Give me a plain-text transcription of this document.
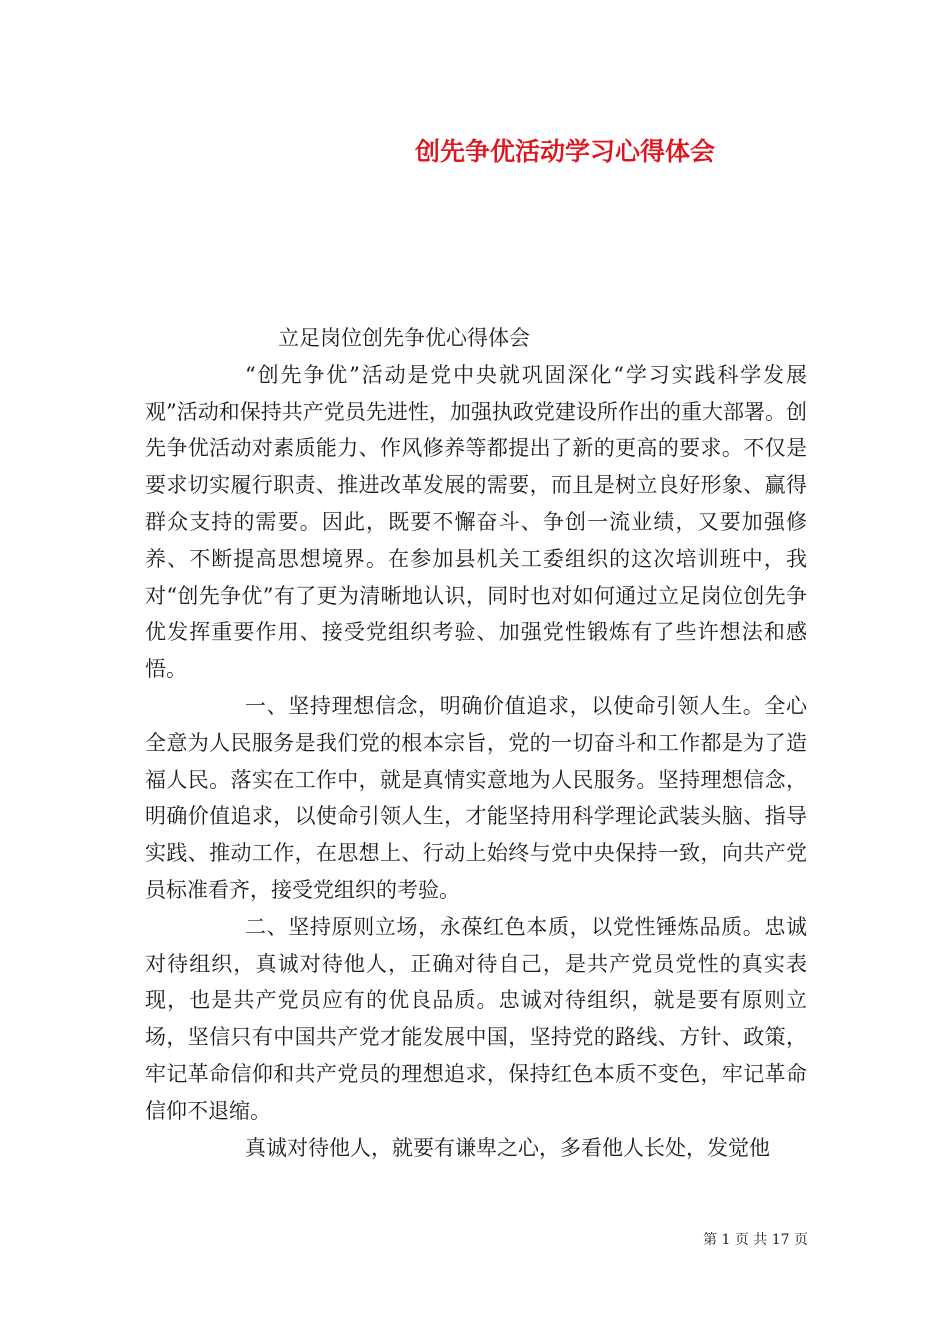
创先争优活动学习心得体会

立足岗位创先争优心得体会

“创先争优”活动是党中央就巩固深化“学习实践科学发展观”活动和保持共产党员先进性，加强执政党建设所作出的重大部署。创先争优活动对素质能力、作风修养等都提出了新的更高的要求。不仅是要求切实履行职责、推进改革发展的需要，而且是树立良好形象、赢得群众支持的需要。因此，既要不懈奋斗、争创一流业绩，又要加强修养、不断提高思想境界。在参加县机关工委组织的这次培训班中，我对“创先争优”有了更为清晰地认识，同时也对如何通过立足岗位创先争优发挥重要作用、接受党组织考验、加强党性锻炼有了些许想法和感悟。

一、坚持理想信念，明确价值追求，以使命引领人生。全心全意为人民服务是我们党的根本宗旨，党的一切奋斗和工作都是为了造福人民。落实在工作中，就是真情实意地为人民服务。坚持理想信念，明确价值追求，以使命引领人生，才能坚持用科学理论武装头脑、指导实践、推动工作，在思想上、行动上始终与党中央保持一致，向共产党员标准看齐，接受党组织的考验。

二、坚持原则立场，永葆红色本质，以党性锤炼品质。忠诚对待组织，真诚对待他人，正确对待自己，是共产党员党性的真实表现，也是共产党员应有的优良品质。忠诚对待组织，就是要有原则立场，坚信只有中国共产党才能发展中国，坚持党的路线、方针、政策，牢记革命信仰和共产党员的理想追求，保持红色本质不变色，牢记革命信仰不退缩。

真诚对待他人，就要有谦卑之心，多看他人长处，发觉他

第 1 页 共 17 页
